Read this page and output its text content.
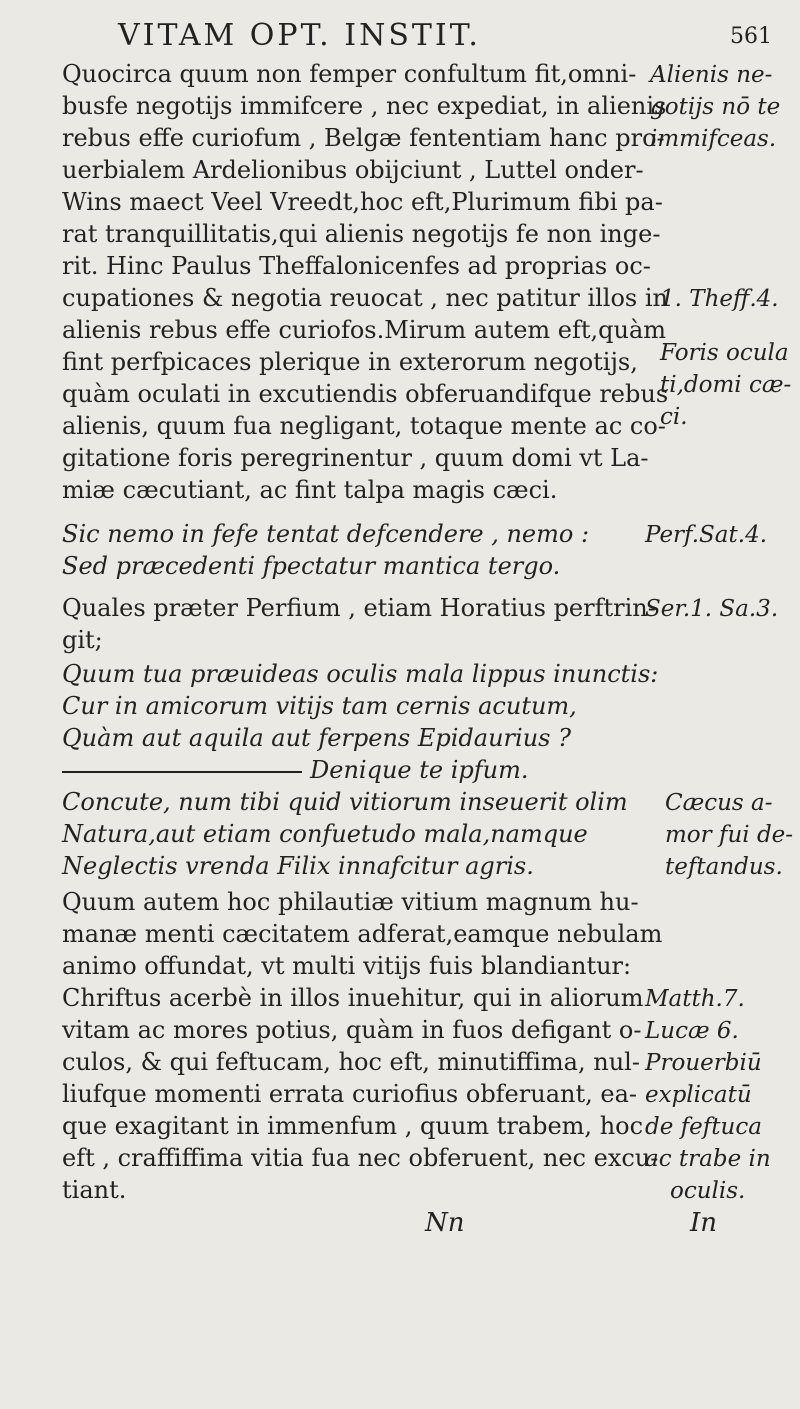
VITAM OPT. INSTIT.	561
Quocirca quum non femper confultum fit,omni-
busfe negotijs immifcere , nec expediat, in alienis
rebus effe curiofum , Belgæ fententiam hanc pro-
uerbialem Ardelionibus obijciunt , Luttel onder-
Wins maect Veel Vreedt,hoc eft,Plurimum fibi pa-
rat tranquillitatis,qui alienis negotijs fe non inge-
rit. Hinc Paulus Theffalonicenfes ad proprias oc-
cupationes & negotia reuocat , nec patitur illos in
alienis rebus effe curiofos.Mirum autem eft,quàm
fint perfpicaces plerique in exterorum negotijs,
quàm oculati in excutiendis obferuandifque rebus
alienis, quum fua negligant, totaque mente ac co-
gitatione foris peregrinentur , quum domi vt La-
miæ cæcutiant, ac fint talpa magis cæci.
Sic nemo in fefe tentat defcendere , nemo :
Sed præcedenti fpectatur mantica tergo.
Quales præter Perfium , etiam Horatius perftrin-
git;
Quum tua præuideas oculis mala lippus inunctis:
Cur in amicorum vitijs tam cernis acutum,
Quàm aut aquila aut ferpens Epidaurius ?
Denique te ipfum.
Concute, num tibi quid vitiorum inseuerit olim
Natura,aut etiam confuetudo mala,namque
Neglectis vrenda Filix innafcitur agris.
Quum autem hoc philautiæ vitium magnum hu-
manæ menti cæcitatem adferat,eamque nebulam
animo offundat, vt multi vitijs fuis blandiantur:
Chriftus acerbè in illos inuehitur, qui in aliorum
vitam ac mores potius, quàm in fuos defigant o-
culos, & qui feftucam, hoc eft, minutiffima, nul-
liufque momenti errata curiofius obferuant, ea-
que exagitant in immenfum , quum trabem, hoc
eft , craffiffima vitia fua nec obferuent, nec excu-
tiant.
Alienis ne-
gotijs nō te
immifceas.
1. Theff.4.
Foris ocula
ti,domi cæ-
ci.
Perf.Sat.4.
Ser.1. Sa.3.
Cæcus a-
mor fui de-
teftandus.
Matth.7.
Lucæ 6.
Prouerbiū
explicatū
de feftuca
ac trabe in
oculis.
Nn	In
